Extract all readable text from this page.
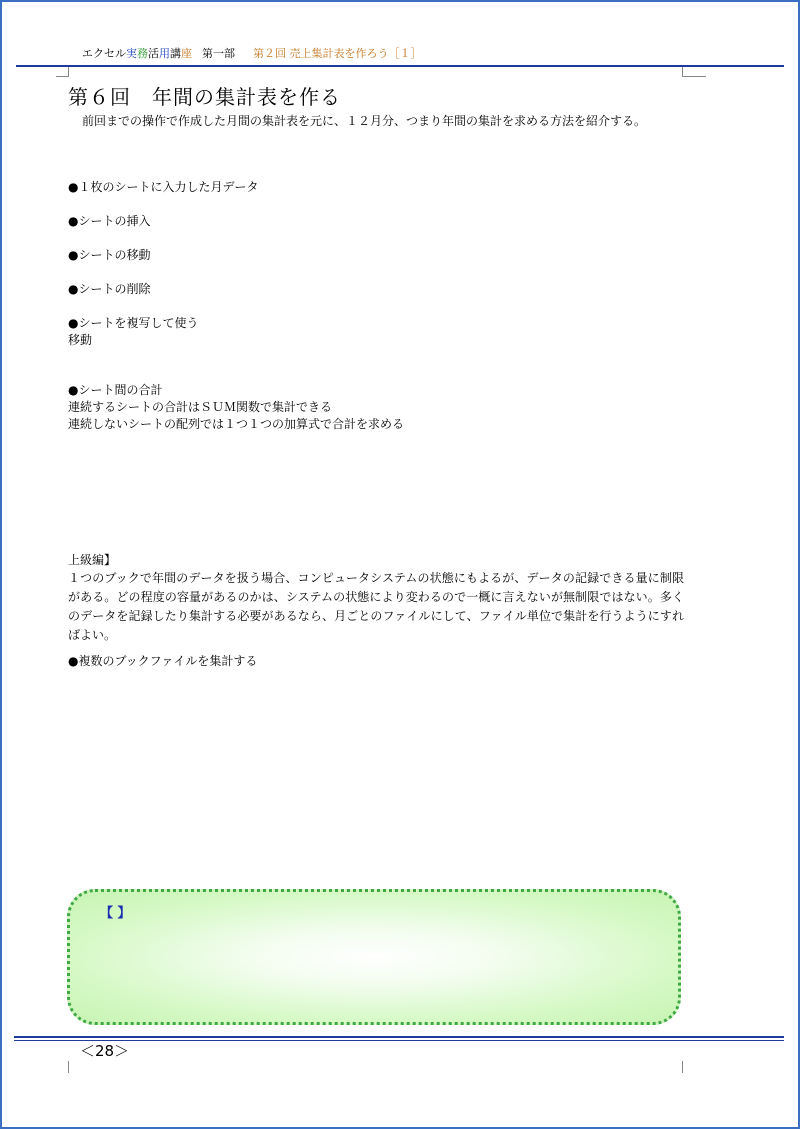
エクセル実務活用講座 第一部 第２回 売上集計表を作ろう［１］
第６回　年間の集計表を作る
前回までの操作で作成した月間の集計表を元に、１２月分、つまり年間の集計を求める方法を紹介する。
●１枚のシートに入力した月データ
●シートの挿入
●シートの移動
●シートの削除
●シートを複写して使う
移動
●シート間の合計
連続するシートの合計はＳＵＭ関数で集計できる
連続しないシートの配列では１つ１つの加算式で合計を求める
上級編】
１つのブックで年間のデータを扱う場合、コンピュータシステムの状態にもよるが、データの記録できる量に制限がある。どの程度の容量があるのかは、システムの状態により変わるので一概に言えないが無制限ではない。多くのデータを記録したり集計する必要があるなら、月ごとのファイルにして、ファイル単位で集計を行うようにすればよい。
●複数のブックファイルを集計する
【 】
＜28＞
